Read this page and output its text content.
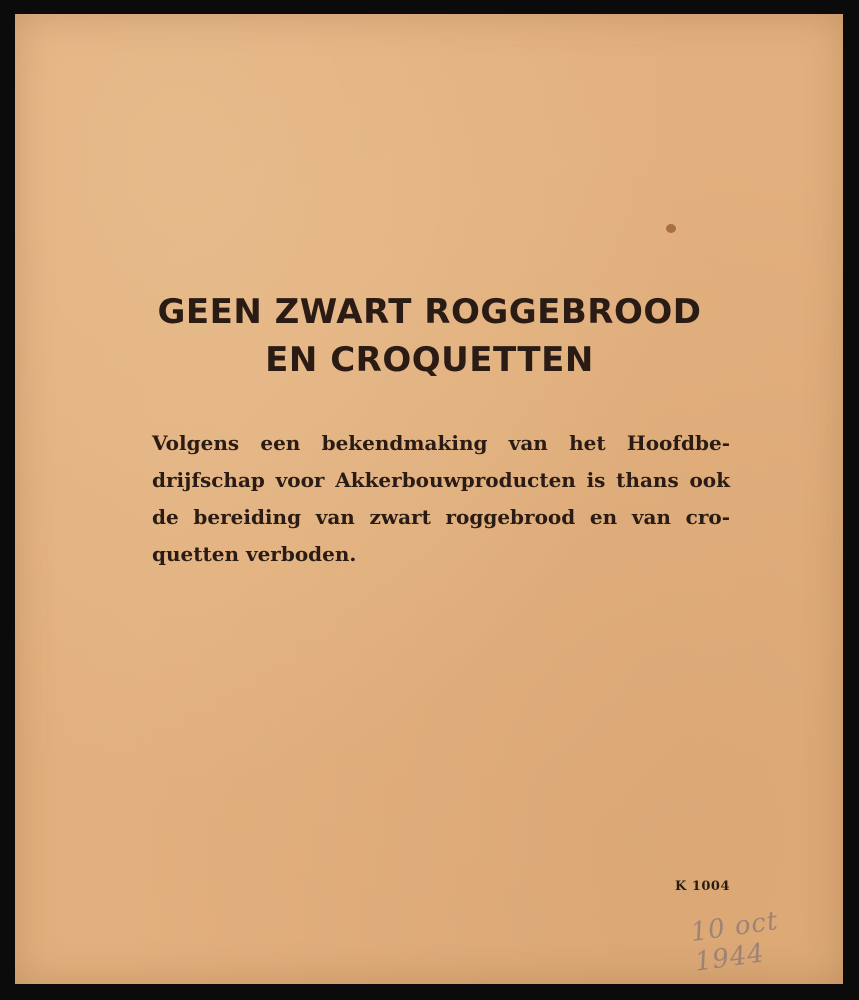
GEEN ZWART ROGGEBROOD
EN CROQUETTEN
Volgens een bekendmaking van het Hoofdbe-
drijfschap voor Akkerbouwproducten is thans ook
de bereiding van zwart roggebrood en van cro-
quetten verboden.
K 1004
10 oct 1944
